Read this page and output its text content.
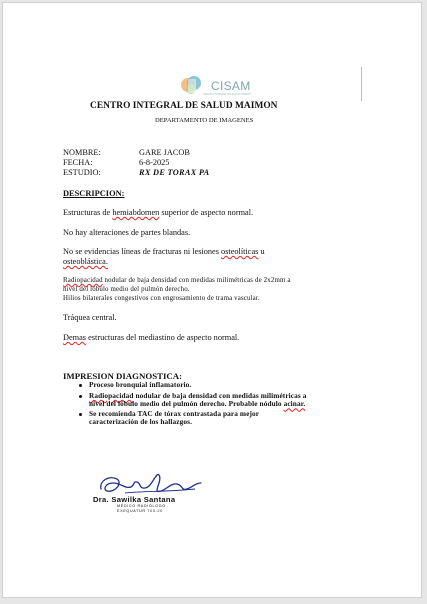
CISAM
CENTRO INTEGRAL DE SALUD MAIMON
CENTRO INTEGRAL DE SALUD MAIMON
DEPARTAMENTO DE IMAGENES
NOMBRE:	GARE JACOB
FECHA:	6-8-2025
ESTUDIO:	RX DE TORAX PA
DESCRIPCION:
Estructuras de hemiabdomen superior de aspecto normal.
No hay alteraciones de partes blandas.
No se evidencias líneas de fracturas ni lesiones osteolíticas u
osteoblástica.
Radiopacidad nodular de baja densidad con medidas milimétricas de 2x2mm a
nivel del lóbulo medio del pulmón derecho.
Hilios bilaterales congestivos con engrosamiento de trama vascular.
Tráquea central.
Demas estructuras del mediastino de aspecto normal.
IMPRESION DIAGNOSTICA:
Proceso bronquial inflamatorio.
Radiopacidad nodular de baja densidad con medidas milimétricas a
nivel del lóbulo medio del pulmón derecho. Probable nódulo acinar.
Se recomienda TAC de tórax contrastada para mejor
caracterización de los hallazgos.
Dra. Sawilka Santana
MÉDICO RADIÓLOGO
EXEQUATUR 700-20
